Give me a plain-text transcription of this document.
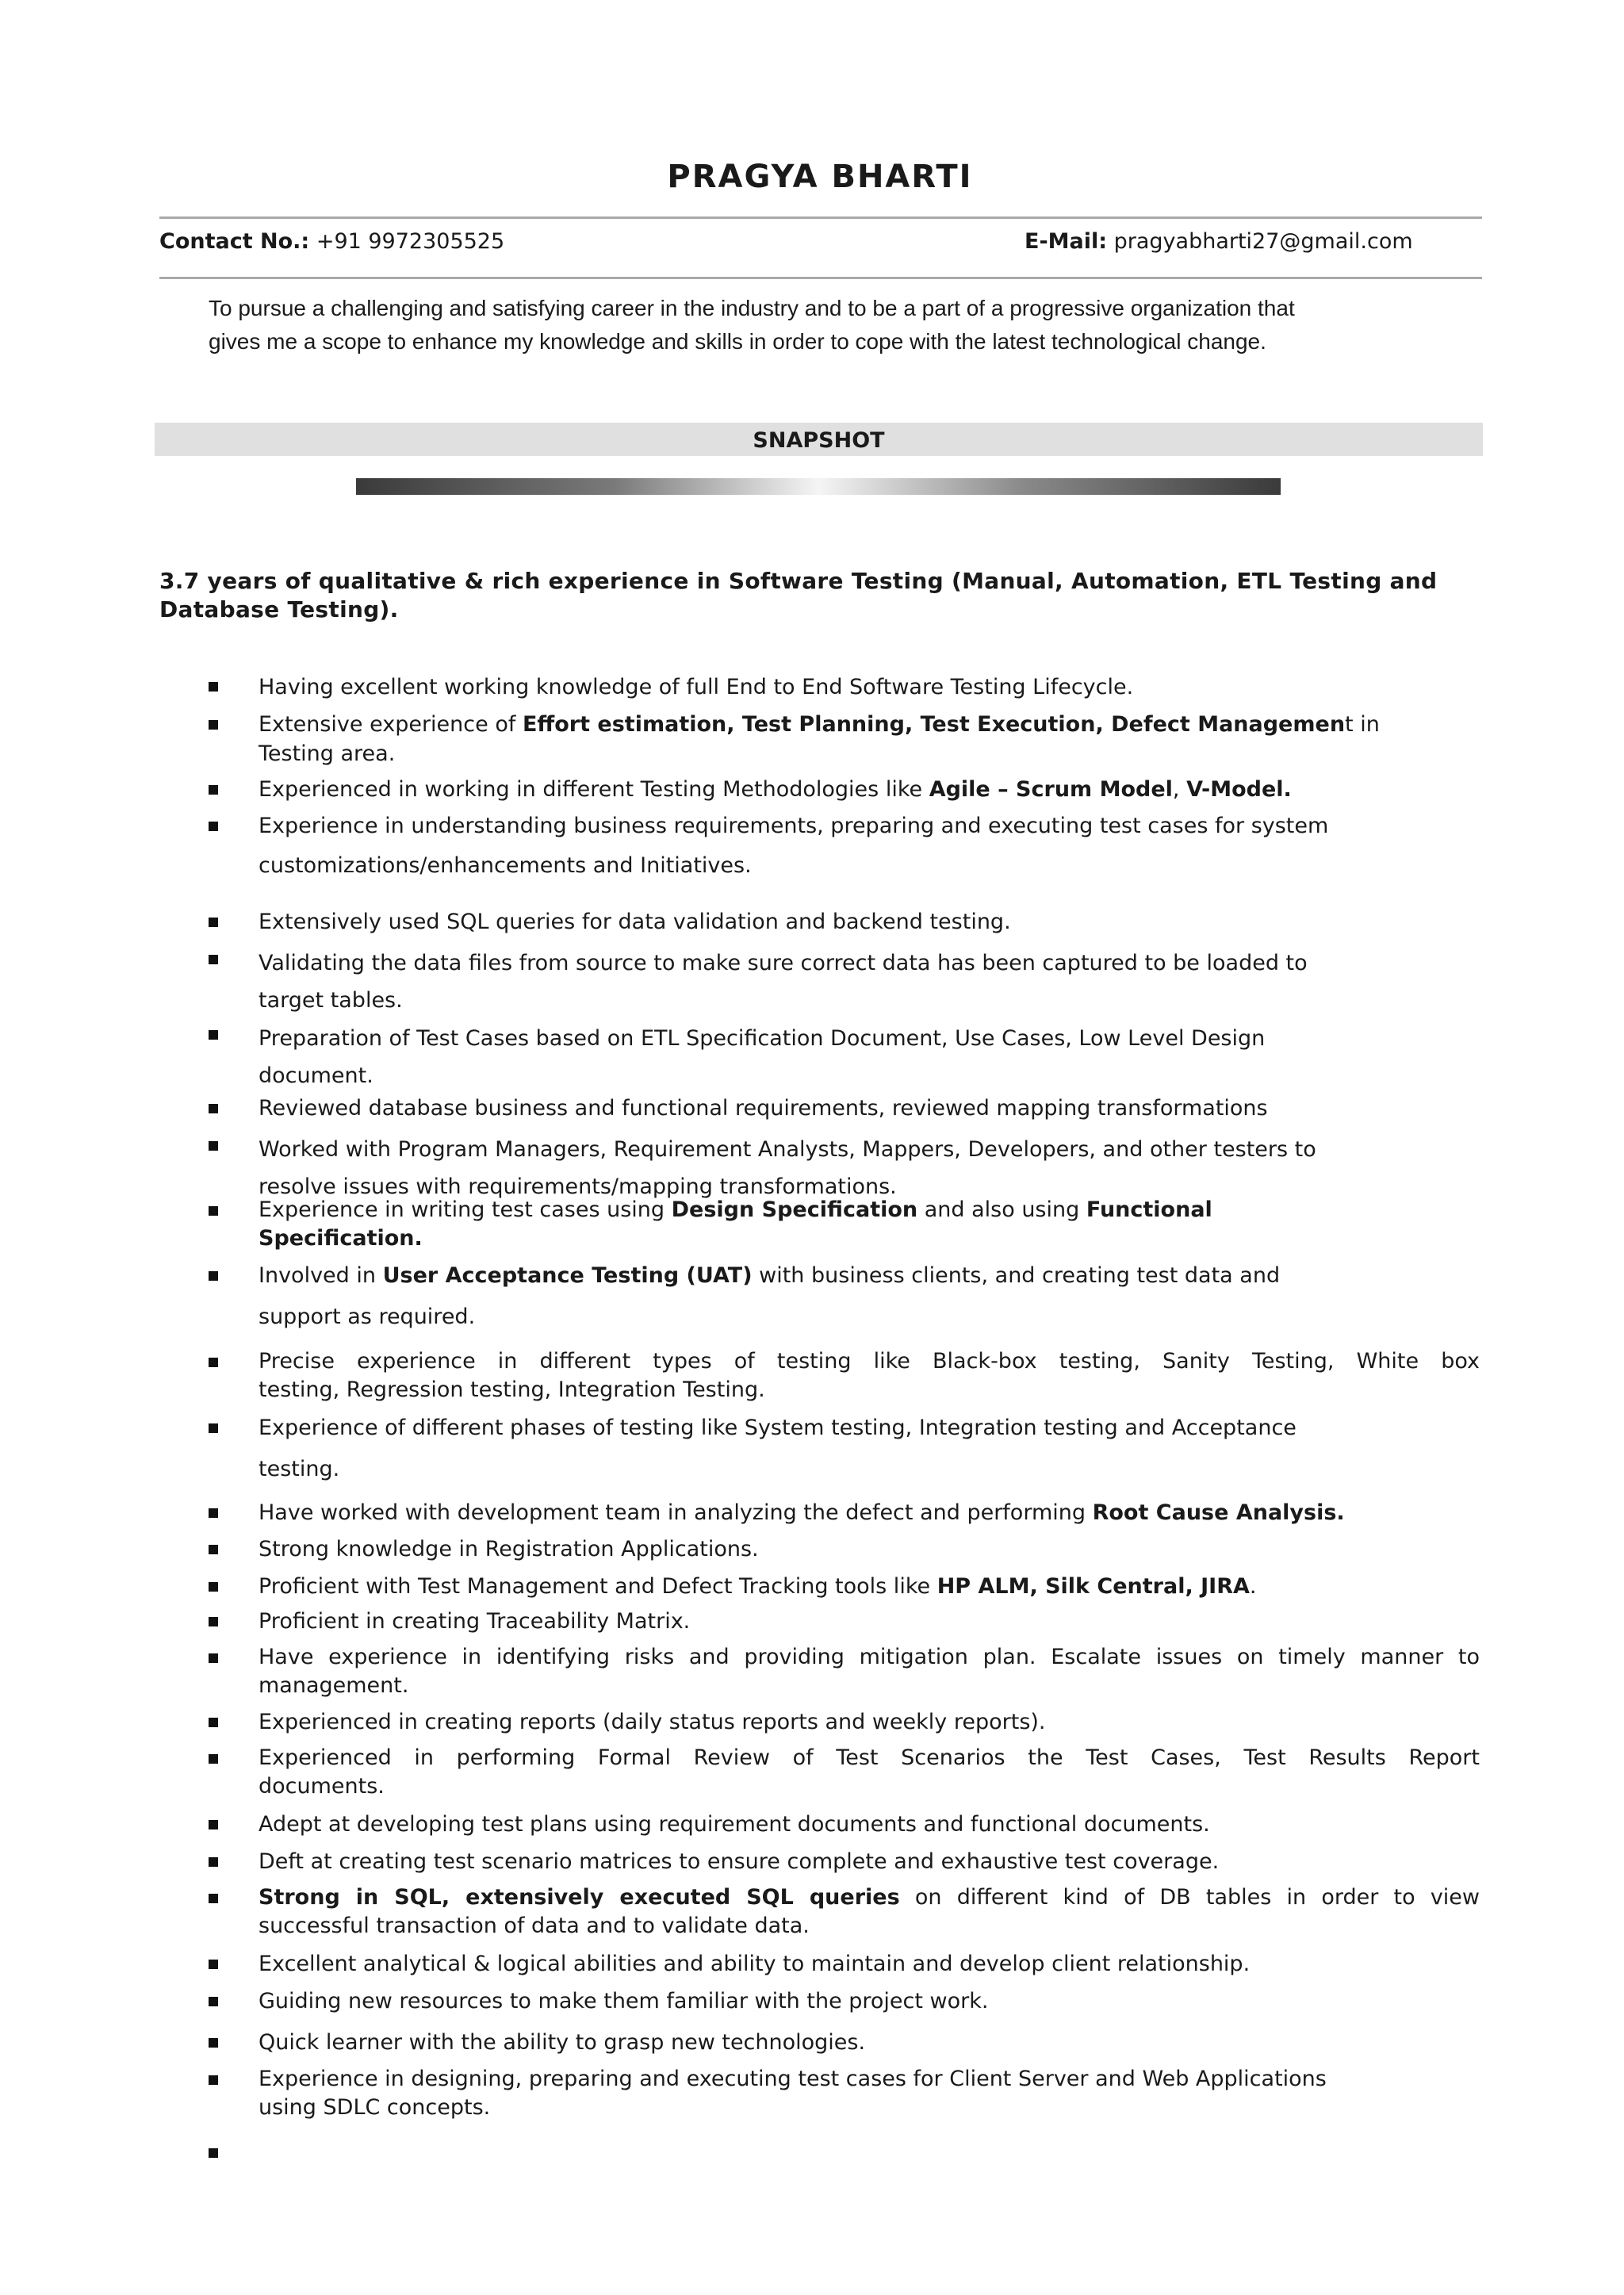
PRAGYA BHARTI
Contact No.: +91 9972305525	E-Mail: pragyabharti27@gmail.com
To pursue a challenging and satisfying career in the industry and to be a part of a progressive organization that
gives me a scope to enhance my knowledge and skills in order to cope with the latest technological change.
SNAPSHOT
3.7 years of qualitative & rich experience in Software Testing (Manual, Automation, ETL Testing and
Database Testing).
Having excellent working knowledge of full End to End Software Testing Lifecycle.
Extensive experience of Effort estimation, Test Planning, Test Execution, Defect Management in
Testing area.
Experienced in working in different Testing Methodologies like Agile – Scrum Model, V-Model.
Experience in understanding business requirements, preparing and executing test cases for system
customizations/enhancements and Initiatives.
Extensively used SQL queries for data validation and backend testing.
Validating the data files from source to make sure correct data has been captured to be loaded to
target tables.
Preparation of Test Cases based on ETL Specification Document, Use Cases, Low Level Design
document.
Reviewed database business and functional requirements, reviewed mapping transformations
Worked with Program Managers, Requirement Analysts, Mappers, Developers, and other testers to
resolve issues with requirements/mapping transformations.
Experience in writing test cases using Design Specification and also using Functional
Specification.
Involved in User Acceptance Testing (UAT) with business clients, and creating test data and
support as required.
Precise experience in different types of testing like Black-box testing, Sanity Testing, White box
testing, Regression testing, Integration Testing.
Experience of different phases of testing like System testing, Integration testing and Acceptance
testing.
Have worked with development team in analyzing the defect and performing Root Cause Analysis.
Strong knowledge in Registration Applications.
Proficient with Test Management and Defect Tracking tools like HP ALM, Silk Central, JIRA.
Proficient in creating Traceability Matrix.
Have experience in identifying risks and providing mitigation plan. Escalate issues on timely manner to
management.
Experienced in creating reports (daily status reports and weekly reports).
Experienced in performing Formal Review of Test Scenarios the Test Cases, Test Results Report
documents.
Adept at developing test plans using requirement documents and functional documents.
Deft at creating test scenario matrices to ensure complete and exhaustive test coverage.
Strong in SQL, extensively executed SQL queries on different kind of DB tables in order to view
successful transaction of data and to validate data.
Excellent analytical & logical abilities and ability to maintain and develop client relationship.
Guiding new resources to make them familiar with the project work.
Quick learner with the ability to grasp new technologies.
Experience in designing, preparing and executing test cases for Client Server and Web Applications
using SDLC concepts.
